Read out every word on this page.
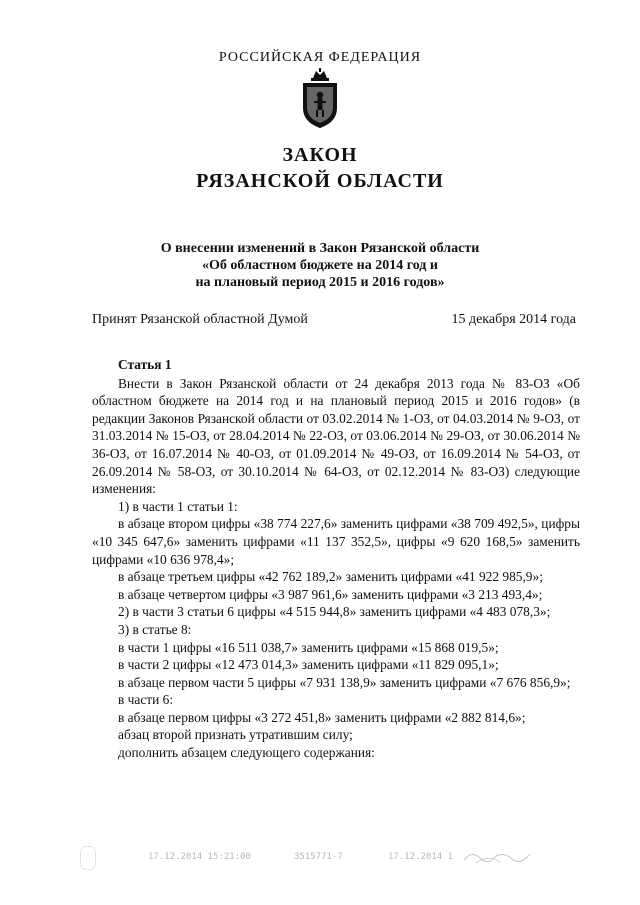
РОССИЙСКАЯ ФЕДЕРАЦИЯ
ЗАКОН
РЯЗАНСКОЙ ОБЛАСТИ
О внесении изменений в Закон Рязанской области
«Об областном бюджете на 2014 год и
на плановый период 2015 и 2016 годов»
Принят Рязанской областной Думой	15 декабря 2014 года

Статья 1

Внести в Закон Рязанской области от 24 декабря 2013 года № 83-ОЗ «Об областном бюджете на 2014 год и на плановый период 2015 и 2016 годов» (в редакции Законов Рязанской области от 03.02.2014 № 1-ОЗ, от 04.03.2014 № 9-ОЗ, от 31.03.2014 № 15-ОЗ, от 28.04.2014 № 22-ОЗ, от 03.06.2014 № 29-ОЗ, от 30.06.2014 № 36-ОЗ, от 16.07.2014 № 40-ОЗ, от 01.09.2014 № 49-ОЗ, от 16.09.2014 № 54-ОЗ, от 26.09.2014 № 58-ОЗ, от 30.10.2014 № 64-ОЗ, от 02.12.2014 № 83-ОЗ) следующие изменения:

1) в части 1 статьи 1:

в абзаце втором цифры «38 774 227,6» заменить цифрами «38 709 492,5», цифры «10 345 647,6» заменить цифрами «11 137 352,5», цифры «9 620 168,5» заменить цифрами «10 636 978,4»;

в абзаце третьем цифры «42 762 189,2» заменить цифрами «41 922 985,9»;

в абзаце четвертом цифры «3 987 961,6» заменить цифрами «3 213 493,4»;

2) в части 3 статьи 6 цифры «4 515 944,8» заменить цифрами «4 483 078,3»;

3) в статье 8:

в части 1 цифры «16 511 038,7» заменить цифрами «15 868 019,5»;

в части 2 цифры «12 473 014,3» заменить цифрами «11 829 095,1»;

в абзаце первом части 5 цифры «7 931 138,9» заменить цифрами «7 676 856,9»;

в части 6:

в абзаце первом цифры «3 272 451,8» заменить цифрами «2 882 814,6»;

абзац второй признать утратившим силу;

дополнить абзацем следующего содержания:

17.12.2014 15:21:00	3515771-7	17.12.2014 1
